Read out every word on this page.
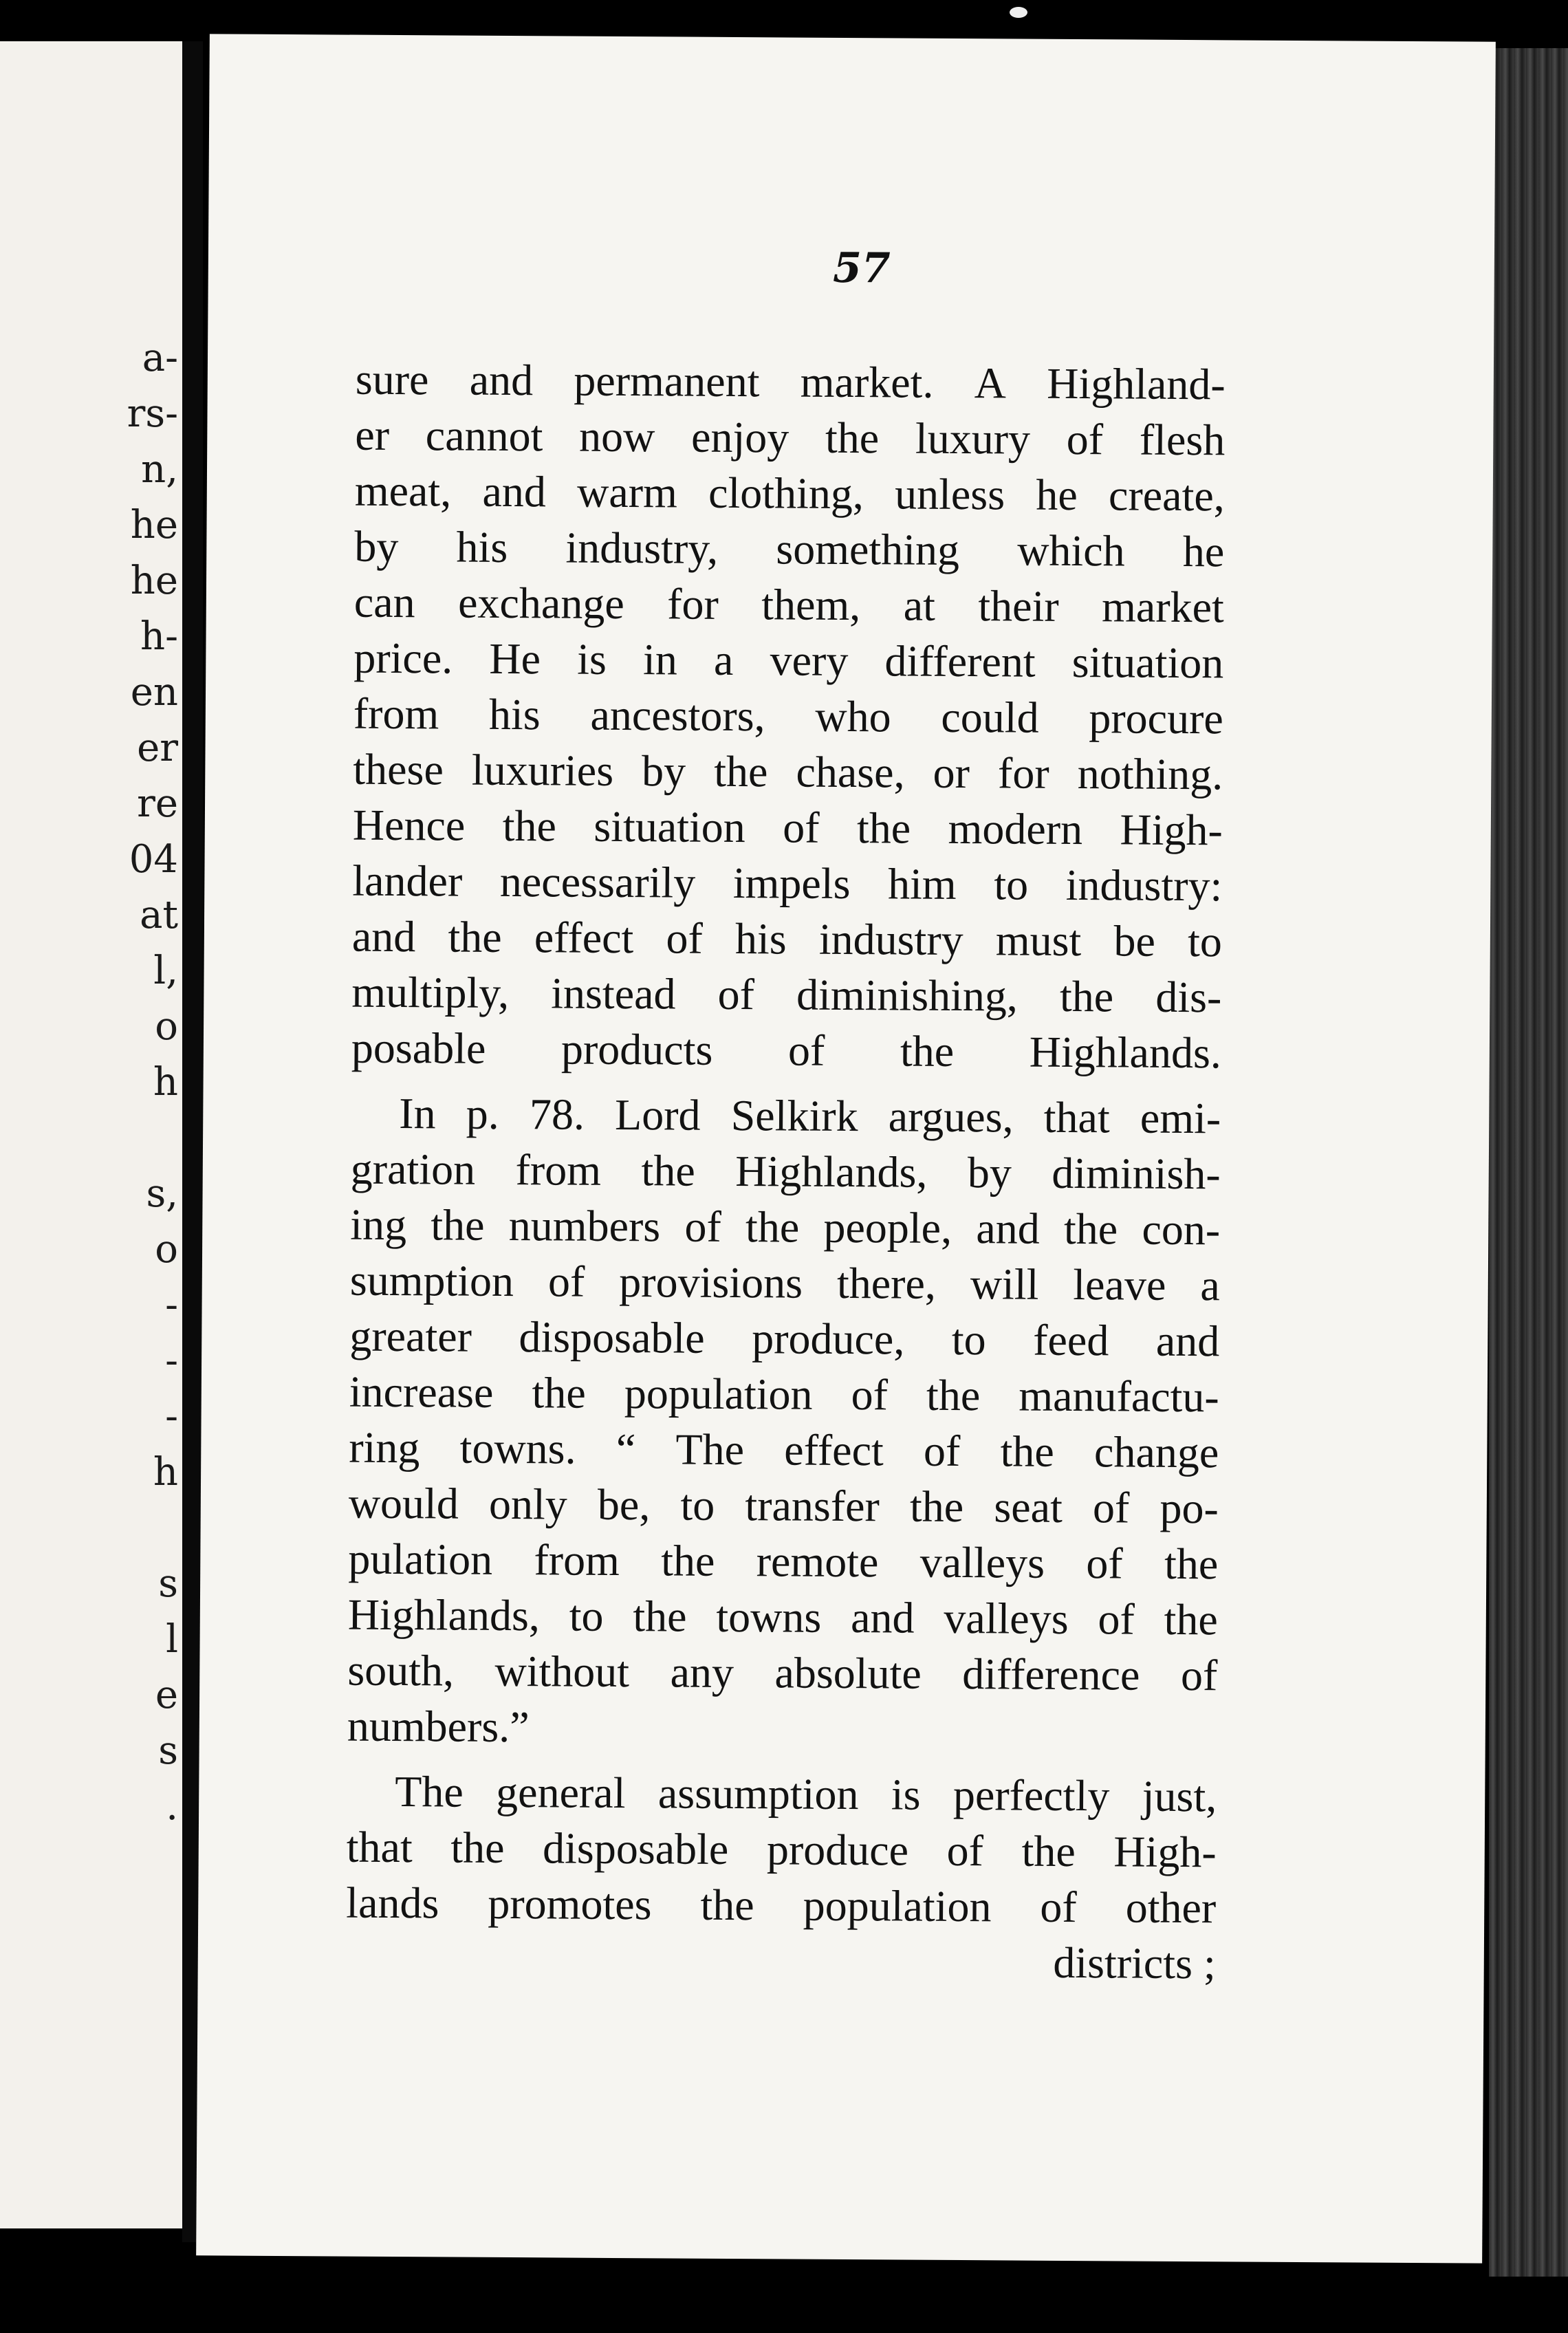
a-
rs-
n,
he
he
h-
en
er
re
04
at
l,
o
h
s,
o
-
-
-
h
s
l
e
s
.
57
sure and permanent market. A Highland-
er cannot now enjoy the luxury of flesh
meat, and warm clothing, unless he create,
by his industry, something which he
can exchange for them, at their market
price. He is in a very different situation
from his ancestors, who could procure
these luxuries by the chase, or for nothing.
Hence the situation of the modern High-
lander necessarily impels him to industry:
and the effect of his industry must be to
multiply, instead of diminishing, the dis-
posable products of the Highlands.
In p. 78. Lord Selkirk argues, that emi-
gration from the Highlands, by diminish-
ing the numbers of the people, and the con-
sumption of provisions there, will leave a
greater disposable produce, to feed and
increase the population of the manufactu-
ring towns. “ The effect of the change
would only be, to transfer the seat of po-
pulation from the remote valleys of the
Highlands, to the towns and valleys of the
south, without any absolute difference of
numbers.”

The general assumption is perfectly just,
that the disposable produce of the High-
lands promotes the population of other
districts ;
